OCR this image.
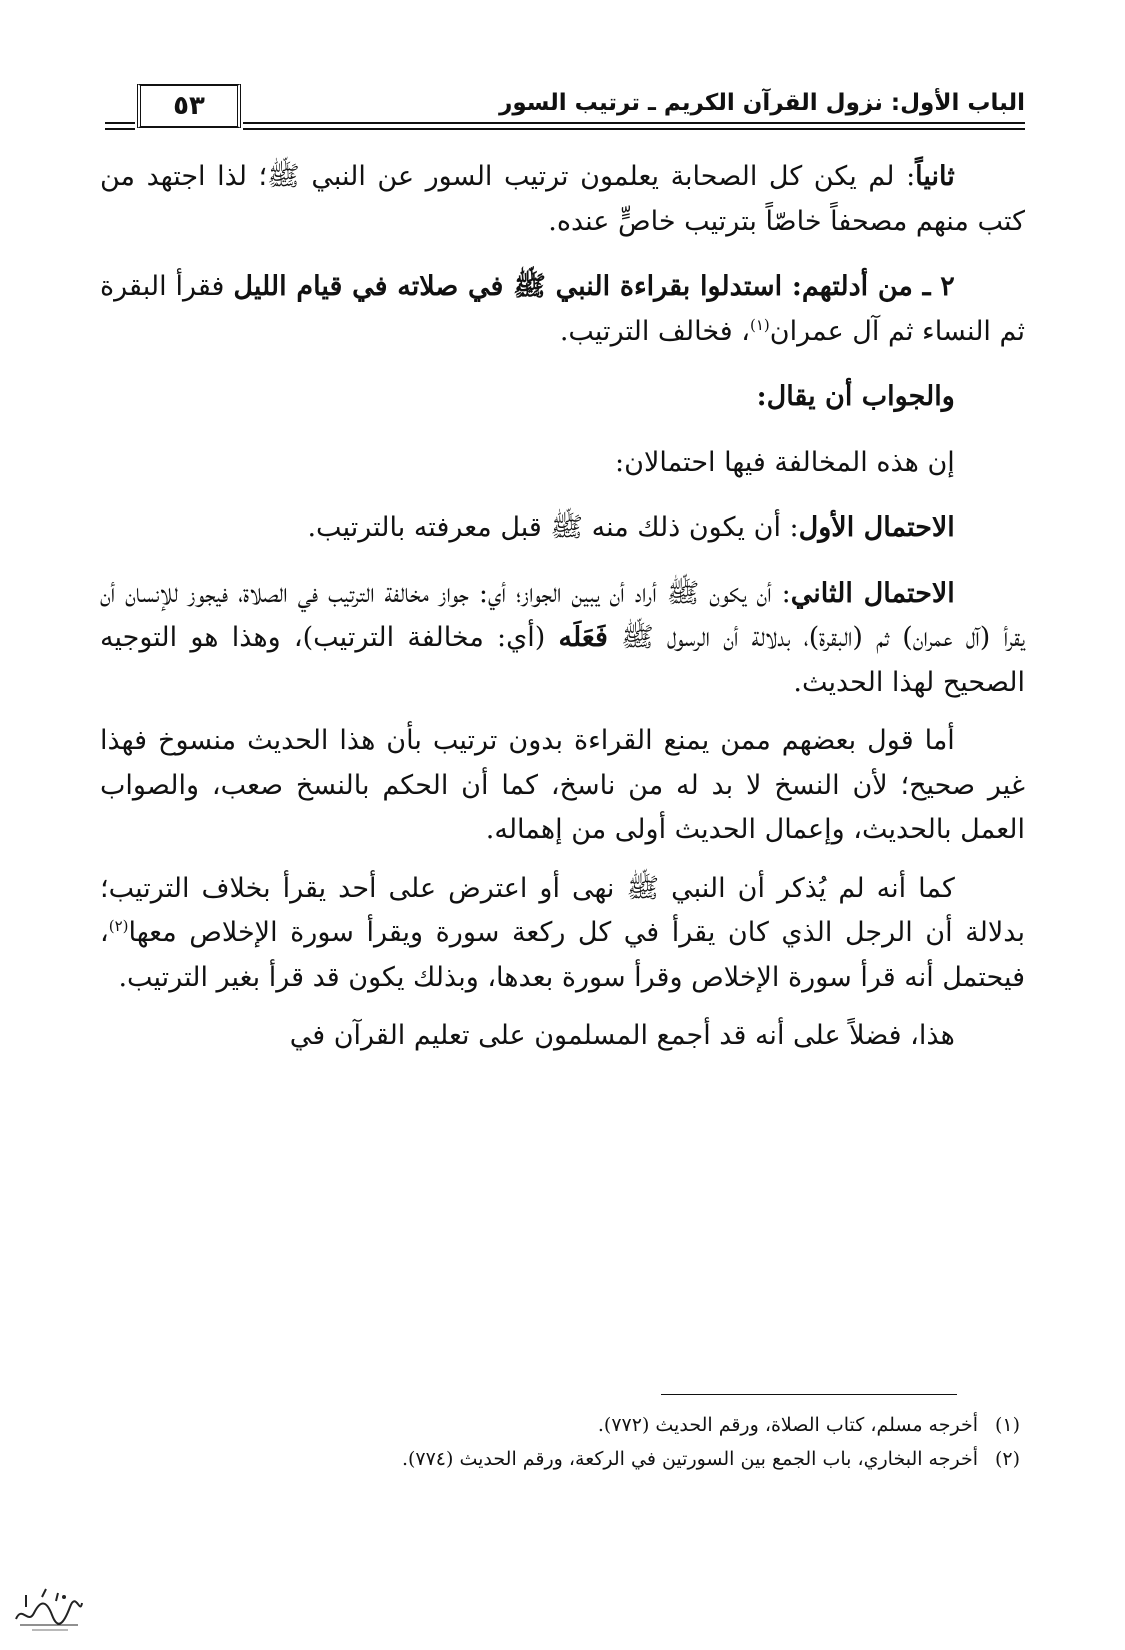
الباب الأول: نزول القرآن الكريم ـ ترتيب السور
٥٣

ثانياً: لم يكن كل الصحابة يعلمون ترتيب السور عن النبي ﷺ؛ لذا اجتهد من كتب منهم مصحفاً خاصّاً بترتيب خاصٍّ عنده.

٢ ـ من أدلتهم: استدلوا بقراءة النبي ﷺ في صلاته في قيام الليل فقرأ البقرة ثم النساء ثم آل عمران$^{(١)}$، فخالف الترتيب.

والجواب أن يقال:

إن هذه المخالفة فيها احتمالان:

الاحتمال الأول: أن يكون ذلك منه ﷺ قبل معرفته بالترتيب.

الاحتمال الثاني: أن يكون ﷺ أراد أن يبين الجواز؛ أي: جواز مخالفة الترتيب في الصلاة، فيجوز للإنسان أن يقرأ (آل عمران) ثم (البقرة)، بدلالة أن الرسول ﷺ فَعَلَه (أي: مخالفة الترتيب)، وهذا هو التوجيه الصحيح لهذا الحديث.

أما قول بعضهم ممن يمنع القراءة بدون ترتيب بأن هذا الحديث منسوخ فهذا غير صحيح؛ لأن النسخ لا بد له من ناسخ، كما أن الحكم بالنسخ صعب، والصواب العمل بالحديث، وإعمال الحديث أولى من إهماله.

كما أنه لم يُذكر أن النبي ﷺ نهى أو اعترض على أحد يقرأ بخلاف الترتيب؛ بدلالة أن الرجل الذي كان يقرأ في كل ركعة سورة ويقرأ سورة الإخلاص معها$^{(٢)}$، فيحتمل أنه قرأ سورة الإخلاص وقرأ سورة بعدها، وبذلك يكون قد قرأ بغير الترتيب.

هذا، فضلاً على أنه قد أجمع المسلمون على تعليم القرآن في

(١)أخرجه مسلم، كتاب الصلاة، ورقم الحديث (٧٧٢).

(٢)أخرجه البخاري، باب الجمع بين السورتين في الركعة، ورقم الحديث (٧٧٤).
